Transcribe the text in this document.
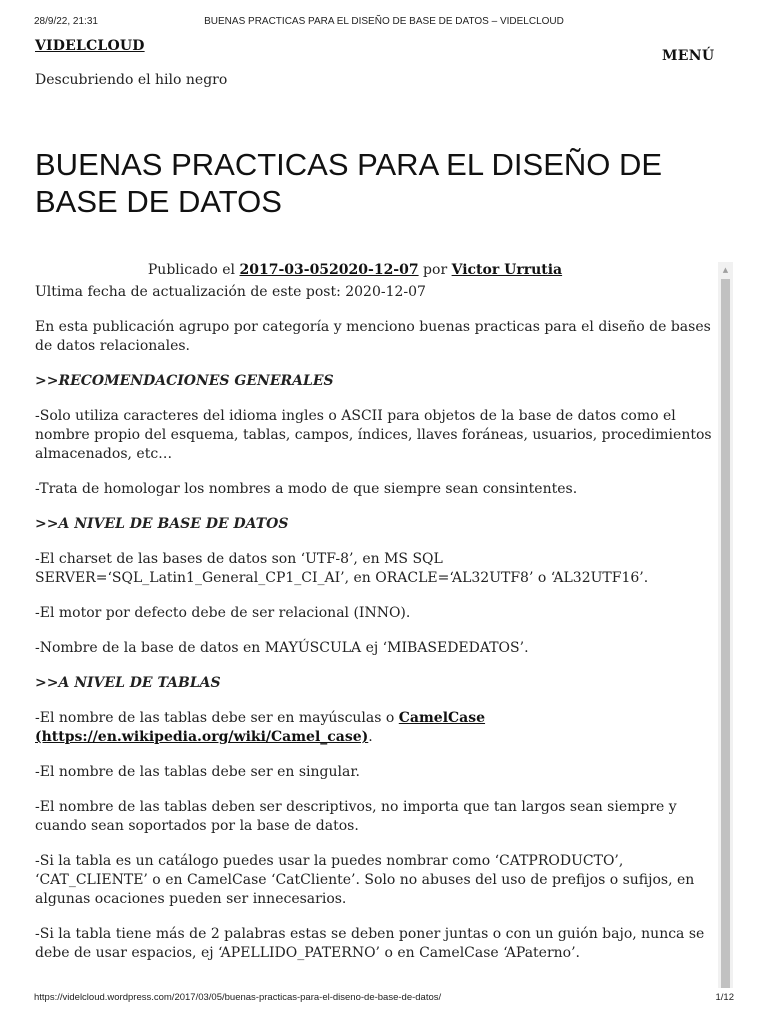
28/9/22, 21:31	BUENAS PRACTICAS PARA EL DISEÑO DE BASE DE DATOS – VIDELCLOUD
VIDELCLOUD
Descubriendo el hilo negro
MENÚ
BUENAS PRACTICAS PARA EL DISEÑO DE BASE DE DATOS
Publicado el 2017-03-052020-12-07 por Victor Urrutia

Ultima fecha de actualización de este post: 2020-12-07

En esta publicación agrupo por categoría y menciono buenas practicas para el diseño de bases de datos relacionales.

>>RECOMENDACIONES GENERALES

-Solo utiliza caracteres del idioma ingles o ASCII para objetos de la base de datos como el nombre propio del esquema, tablas, campos, índices, llaves foráneas, usuarios, procedimientos almacenados, etc…

-Trata de homologar los nombres a modo de que siempre sean consintentes.

>>A NIVEL DE BASE DE DATOS

-El charset de las bases de datos son ‘UTF-8’, en MS SQL SERVER=‘SQL_Latin1_General_CP1_CI_AI’, en ORACLE=‘AL32UTF8’ o ‘AL32UTF16’.

-El motor por defecto debe de ser relacional (INNO).

-Nombre de la base de datos en MAYÚSCULA ej ‘MIBASEDEDATOS’.

>>A NIVEL DE TABLAS

-El nombre de las tablas debe ser en mayúsculas o CamelCase (https://en.wikipedia.org/wiki/Camel_case).

-El nombre de las tablas debe ser en singular.

-El nombre de las tablas deben ser descriptivos, no importa que tan largos sean siempre y cuando sean soportados por la base de datos.

-Si la tabla es un catálogo puedes usar la puedes nombrar como ‘CATPRODUCTO’, ‘CAT_CLIENTE’ o en CamelCase ‘CatCliente’. Solo no abuses del uso de prefijos o sufijos, en algunas ocaciones pueden ser innecesarios.

-Si la tabla tiene más de 2 palabras estas se deben poner juntas o con un guión bajo, nunca se debe de usar espacios, ej ‘APELLIDO_PATERNO’ o en CamelCase ‘APaterno’.

▲
https://videlcloud.wordpress.com/2017/03/05/buenas-practicas-para-el-diseno-de-base-de-datos/	1/12
